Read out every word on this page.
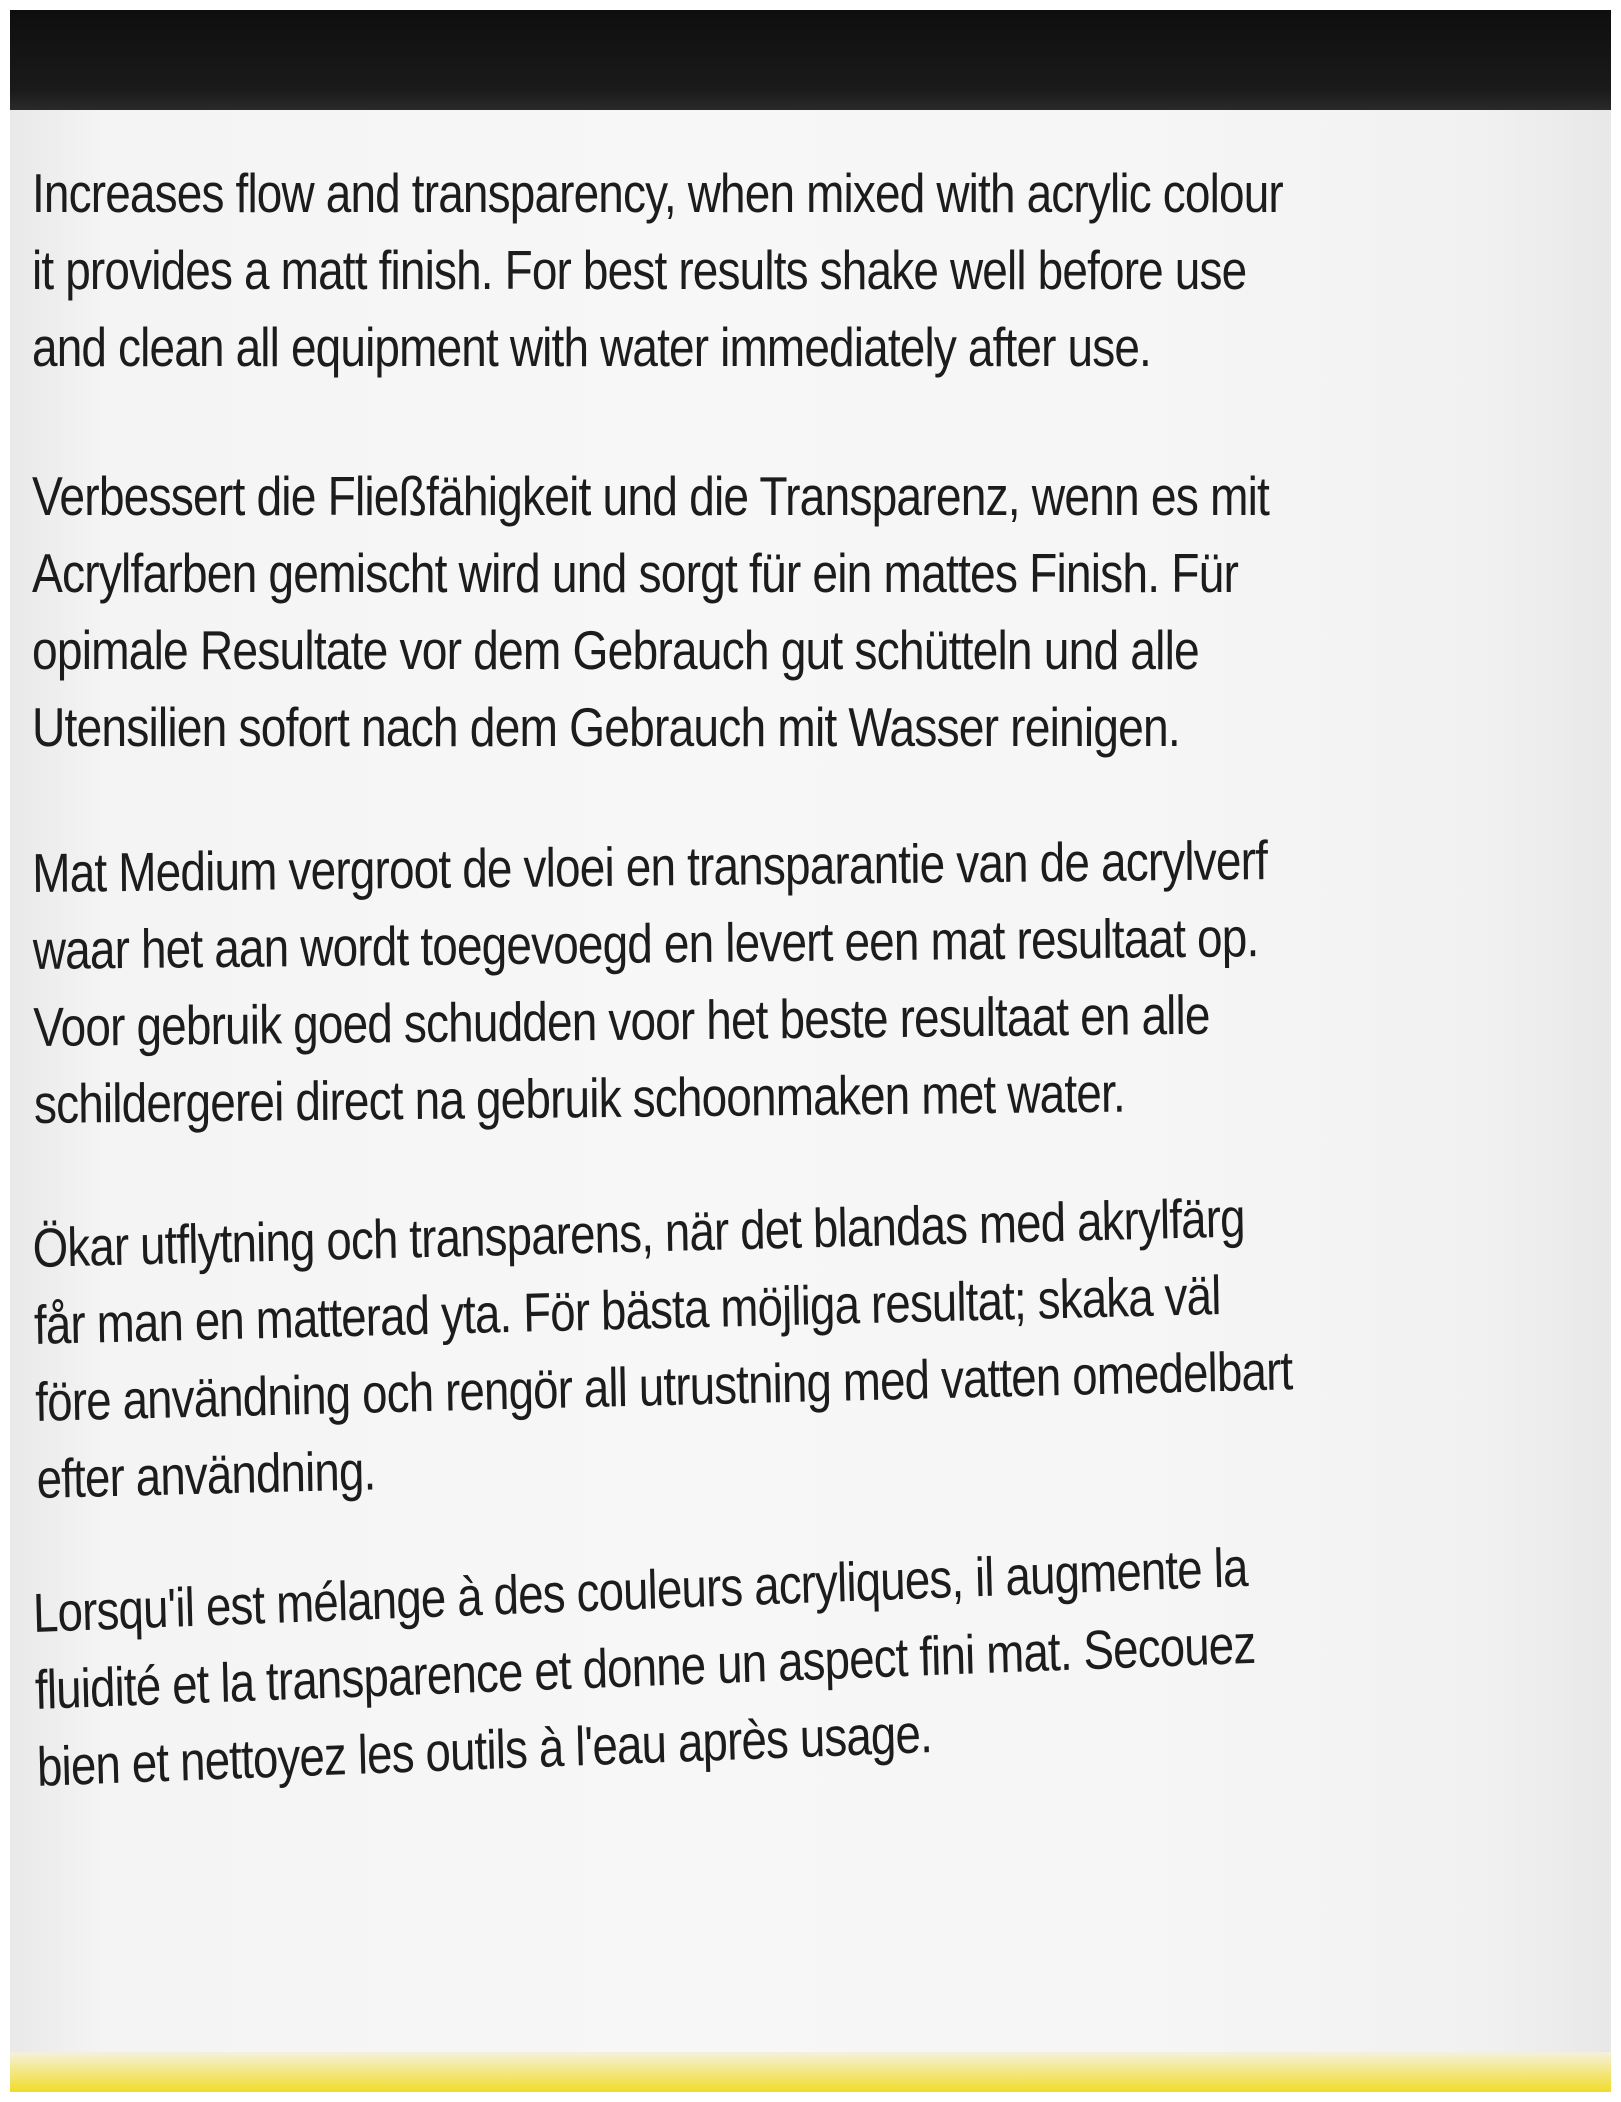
Increases flow and transparency, when mixed with acrylic colour
it provides a matt finish. For best results shake well before use
and clean all equipment with water immediately after use.

Verbessert die Fließfähigkeit und die Transparenz, wenn es mit
Acrylfarben gemischt wird und sorgt für ein mattes Finish. Für
opimale Resultate vor dem Gebrauch gut schütteln und alle
Utensilien sofort nach dem Gebrauch mit Wasser reinigen.

Mat Medium vergroot de vloei en transparantie van de acrylverf
waar het aan wordt toegevoegd en levert een mat resultaat op.
Voor gebruik goed schudden voor het beste resultaat en alle
schildergerei direct na gebruik schoonmaken met water.

Ökar utflytning och transparens, när det blandas med akrylfärg
får man en matterad yta. För bästa möjliga resultat; skaka väl
före användning och rengör all utrustning med vatten omedelbart
efter användning.

Lorsqu'il est mélange à des couleurs acryliques, il augmente la
fluidité et la transparence et donne un aspect fini mat. Secouez
bien et nettoyez les outils à l'eau après usage.
